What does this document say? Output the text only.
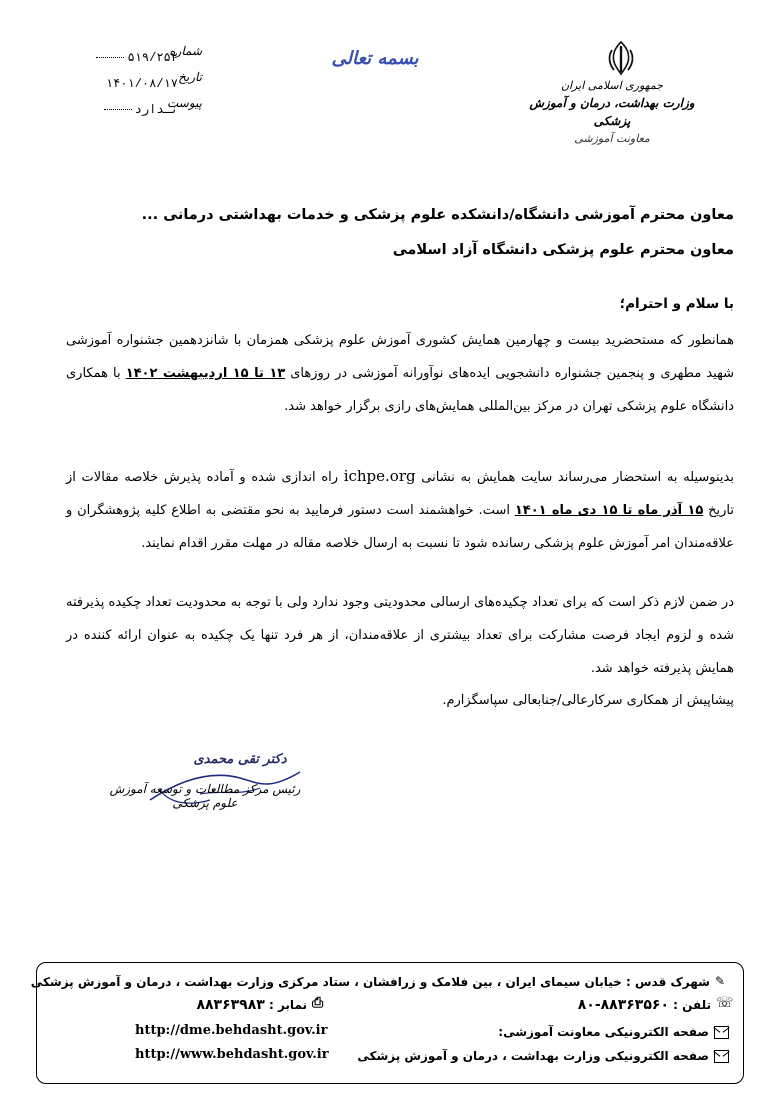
شماره
۵۱۹/۲۵۲
تاریخ
۱۴۰۱/۰۸/۱۷
پیوست
نـدارد
بسمه تعالی
جمهوری اسلامی ایران
وزارت بهداشت، درمان و آموزش پزشکی
معاونت آموزشی
معاون محترم آموزشی دانشگاه/دانشکده علوم پزشکی و خدمات بهداشتی درمانی ...
معاون محترم علوم پزشکی دانشگاه آزاد اسلامی
با سلام و احترام؛
همانطور که مستحضرید بیست و چهارمین همایش کشوری آموزش علوم پزشکی همزمان با شانزدهمین جشنواره آموزشی شهید مطهری و پنجمین جشنواره دانشجویی ایده‌های نوآورانه آموزشی در روزهای ۱۳ تا ۱۵ اردیبهشت ۱۴۰۲ با همکاری دانشگاه علوم پزشکی تهران در مرکز بین‌المللی همایش‌های رازی برگزار خواهد شد.
بدینوسیله به استحضار می‌رساند سایت همایش به نشانی ichpe.org راه اندازی شده و آماده پذیرش خلاصه مقالات از تاریخ ۱۵ آذر ماه تا ۱۵ دی ماه ۱۴۰۱ است. خواهشمند است دستور فرمایید به نحو مقتضی به اطلاع کلیه پژوهشگران و علاقه‌مندان امر آموزش علوم پزشکی رسانده شود تا نسبت به ارسال خلاصه مقاله در مهلت مقرر اقدام نمایند.
در ضمن لازم ذکر است که برای تعداد چکیده‌های ارسالی محدودیتی وجود ندارد ولی با توجه به محدودیت تعداد چکیده پذیرفته شده و لزوم ایجاد فرصت مشارکت برای تعداد بیشتری از علاقه‌مندان، از هر فرد تنها یک چکیده به عنوان ارائه کننده در همایش پذیرفته خواهد شد.
پیشاپیش از همکاری سرکارعالی/جنابعالی سپاسگزارم.
دکتر تقی محمدی
رئیس مرکز مطالعات و توسعه آموزش علوم پزشکی
✎شهرک قدس : خیابان سیمای ایران ، بین فلامک و زرافشان ، ستاد مرکزی وزارت بهداشت ، درمان و آموزش پزشکی
☏تلفن : ۸۸۳۶۳۵۶۰-۸۰
⎙نمابر : ۸۸۳۶۳۹۸۳
صفحه الکترونیکی معاونت آموزشی:
http://dme.behdasht.gov.ir
صفحه الکترونیکی وزارت بهداشت ، درمان و آموزش پزشکی
http://www.behdasht.gov.ir
